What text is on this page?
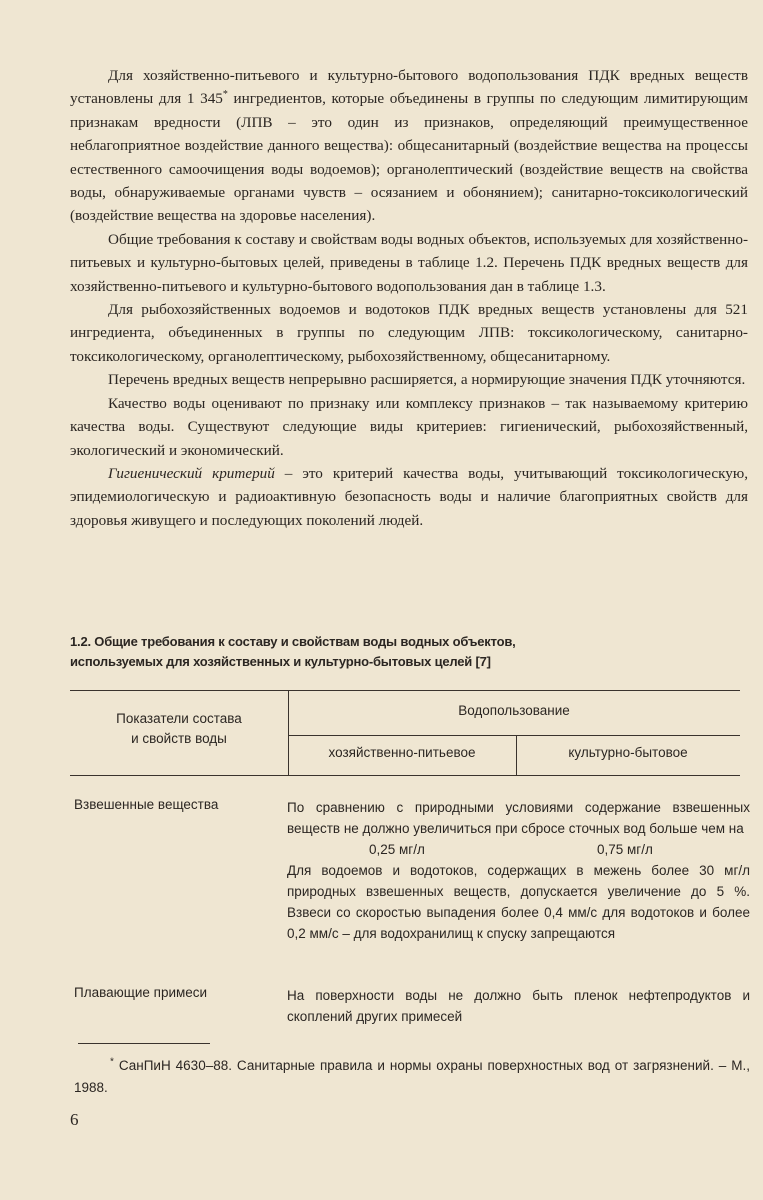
Для хозяйственно-питьевого и культурно-бытового водопользования ПДК вредных веществ установлены для 1 345* ингредиентов, которые объединены в группы по следующим лимитирующим признакам вредности (ЛПВ – это один из признаков, определяющий преимущественное неблагоприятное воздействие данного вещества): общесанитарный (воздействие вещества на процессы естественного самоочищения воды водоемов); органолептический (воздействие веществ на свойства воды, обнаруживаемые органами чувств – осязанием и обонянием); санитарно-токсикологический (воздействие вещества на здоровье населения).

Общие требования к составу и свойствам воды водных объектов, используемых для хозяйственно-питьевых и культурно-бытовых целей, приведены в таблице 1.2. Перечень ПДК вредных веществ для хозяйственно-питьевого и культурно-бытового водопользования дан в таблице 1.3.

Для рыбохозяйственных водоемов и водотоков ПДК вредных веществ установлены для 521 ингредиента, объединенных в группы по следующим ЛПВ: токсикологическому, санитарно-токсикологическому, органолептическому, рыбохозяйственному, общесанитарному.

Перечень вредных веществ непрерывно расширяется, а нормирующие значения ПДК уточняются.

Качество воды оценивают по признаку или комплексу признаков – так называемому критерию качества воды. Существуют следующие виды критериев: гигиенический, рыбохозяйственный, экологический и экономический.

Гигиенический критерий – это критерий качества воды, учитывающий токсикологическую, эпидемиологическую и радиоактивную безопасность воды и наличие благоприятных свойств для здоровья живущего и последующих поколений людей.

1.2. Общие требования к составу и свойствам воды водных объектов,
используемых для хозяйственных и культурно-бытовых целей [7]
Показатели состава
и свойств воды
Водопользование
хозяйственно-питьевое	культурно-бытовое
Взвешенные вещества	По сравнению с природными условиями содержание взвешенных веществ не должно увеличиться при сбросе сточных вод больше чем на

0,25 мг/л	0,75 мг/л

Для водоемов и водотоков, содержащих в межень более 30 мг/л природных взвешенных веществ, допускается увеличение до 5 %. Взвеси со скоростью выпадения более 0,4 мм/с для водотоков и более 0,2 мм/с – для водохранилищ к спуску запрещаются

Плавающие примеси	На поверхности воды не должно быть пленок нефтепродуктов и скоплений других примесей

* СанПиН 4630–88. Санитарные правила и нормы охраны поверхностных вод от загрязнений. – М., 1988.
6
